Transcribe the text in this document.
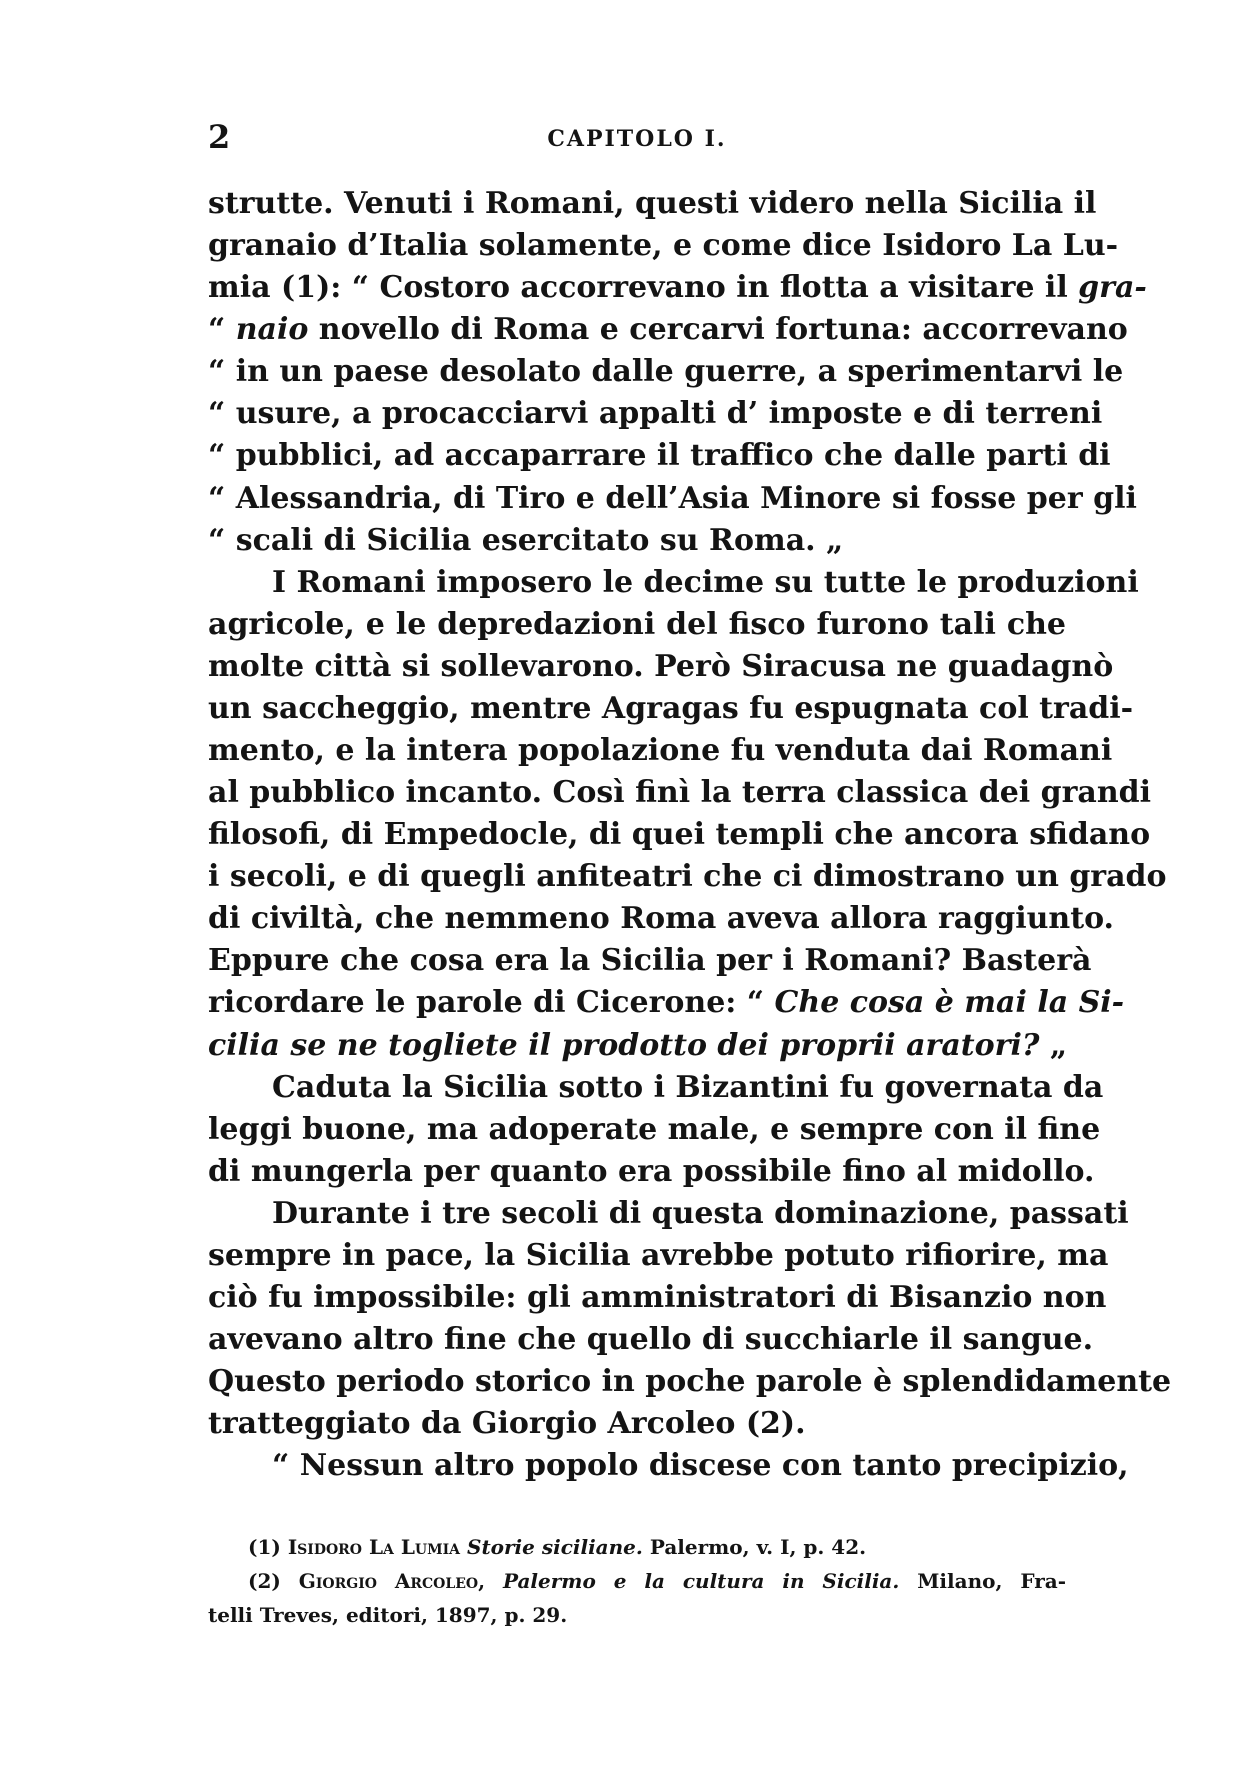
2	CAPITOLO I.
strutte. Venuti i Romani, questi videro nella Sicilia il
granaio d’Italia solamente, e come dice Isidoro La Lu-
mia (1): “ Costoro accorrevano in flotta a visitare il gra-
“ naio novello di Roma e cercarvi fortuna: accorrevano
“ in un paese desolato dalle guerre, a sperimentarvi le
“ usure, a procacciarvi appalti d’ imposte e di terreni
“ pubblici, ad accaparrare il traffico che dalle parti di
“ Alessandria, di Tiro e dell’Asia Minore si fosse per gli
“ scali di Sicilia esercitato su Roma. „
I Romani imposero le decime su tutte le produzioni
agricole, e le depredazioni del fisco furono tali che
molte città si sollevarono. Però Siracusa ne guadagnò
un saccheggio, mentre Agragas fu espugnata col tradi-
mento, e la intera popolazione fu venduta dai Romani
al pubblico incanto. Così finì la terra classica dei grandi
filosofi, di Empedocle, di quei templi che ancora sfidano
i secoli, e di quegli anfiteatri che ci dimostrano un grado
di civiltà, che nemmeno Roma aveva allora raggiunto.
Eppure che cosa era la Sicilia per i Romani? Basterà
ricordare le parole di Cicerone: “ Che cosa è mai la Si-
cilia se ne togliete il prodotto dei proprii aratori? „
Caduta la Sicilia sotto i Bizantini fu governata da
leggi buone, ma adoperate male, e sempre con il fine
di mungerla per quanto era possibile fino al midollo.
Durante i tre secoli di questa dominazione, passati
sempre in pace, la Sicilia avrebbe potuto rifiorire, ma
ciò fu impossibile: gli amministratori di Bisanzio non
avevano altro fine che quello di succhiarle il sangue.
Questo periodo storico in poche parole è splendidamente
tratteggiato da Giorgio Arcoleo (2).
“ Nessun altro popolo discese con tanto precipizio,
(1) Isidoro La Lumia Storie siciliane. Palermo, v. I, p. 42.
(2) Giorgio Arcoleo, Palermo e la cultura in Sicilia. Milano, Fra-
telli Treves, editori, 1897, p. 29.
